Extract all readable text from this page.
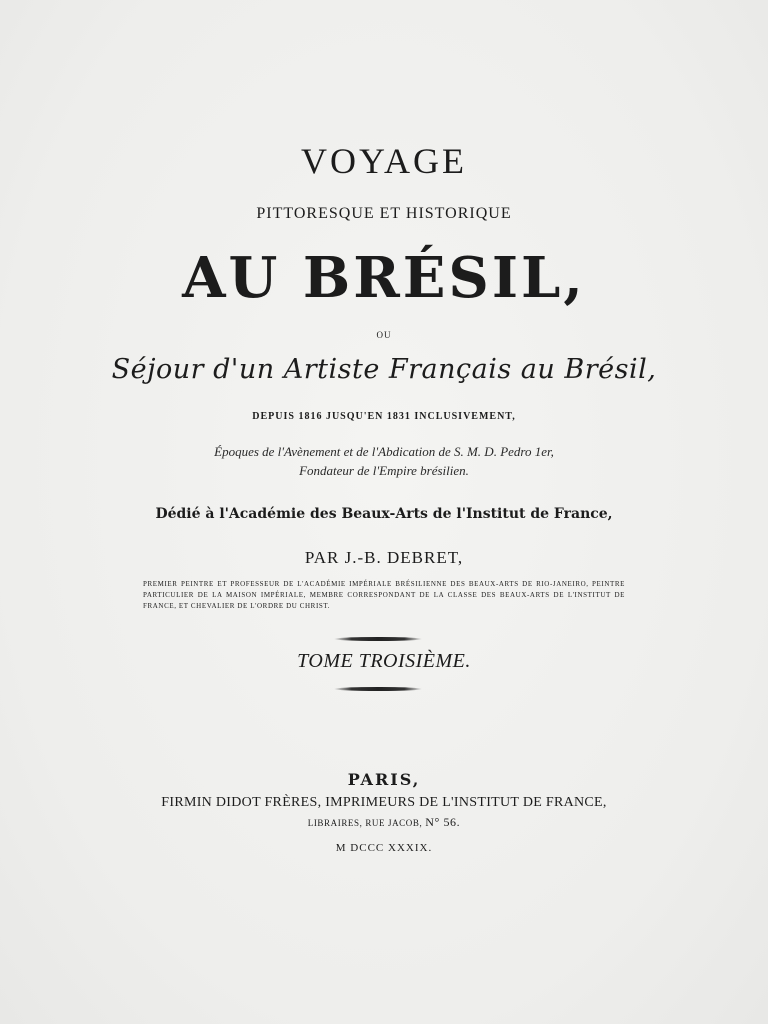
VOYAGE
PITTORESQUE ET HISTORIQUE
AU BRÉSIL,
OU
Séjour d'un Artiste Français au Brésil,
DEPUIS 1816 JUSQU'EN 1831 INCLUSIVEMENT,
Époques de l'Avènement et de l'Abdication de S. M. D. Pedro 1er,
Fondateur de l'Empire brésilien.
Dédié à l'Académie des Beaux-Arts de l'Institut de France,
PAR J.-B. DEBRET,
PREMIER PEINTRE ET PROFESSEUR DE L'ACADÉMIE IMPÉRIALE BRÉSILIENNE DES BEAUX-ARTS DE RIO-JANEIRO, PEINTRE PARTICULIER DE LA MAISON IMPÉRIALE, MEMBRE CORRESPONDANT DE LA CLASSE DES BEAUX-ARTS DE L'INSTITUT DE FRANCE, ET CHEVALIER DE L'ORDRE DU CHRIST.
TOME TROISIÈME.
PARIS,
FIRMIN DIDOT FRÈRES, IMPRIMEURS DE L'INSTITUT DE FRANCE,
LIBRAIRES, RUE JACOB, N° 56.
M DCCC XXXIX.
